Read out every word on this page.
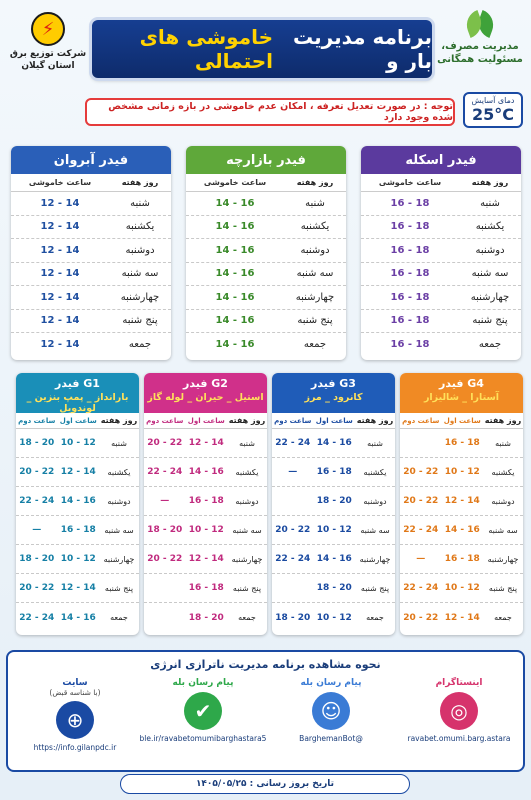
مدیریت مصرف،
مسئولیت همگانی
برنامه مدیریت بار و
خاموشی های احتمالی
⚡
شرکت توزیع برق
استان گیلان
دمای آسایش
25°C
توجه : در صورت تعدیل تعرفه ، امکان عدم خاموشی در بازه زمانی مشخص شده وجود دارد
فیدر اسکله
روز هفته
ساعت خاموشی
شنبه
16 - 18
یکشنبه
16 - 18
دوشنبه
16 - 18
سه شنبه
16 - 18
چهارشنبه
16 - 18
پنج شنبه
16 - 18
جمعه
16 - 18
فیدر بازارچه
روز هفته
ساعت خاموشی
شنبه
14 - 16
یکشنبه
14 - 16
دوشنبه
14 - 16
سه شنبه
14 - 16
چهارشنبه
14 - 16
پنج شنبه
14 - 16
جمعه
14 - 16
فیدر آبروان
روز هفته
ساعت خاموشی
شنبه
12 - 14
یکشنبه
12 - 14
دوشنبه
12 - 14
سه شنبه
12 - 14
چهارشنبه
12 - 14
پنج شنبه
12 - 14
جمعه
12 - 14
G4 فیدر
آستارا _ شالیزار
روز هفته
ساعت اول
ساعت دوم
شنبه
16 - 18
یکشنبه
10 - 12
20 - 22
دوشنبه
12 - 14
20 - 22
سه شنبه
14 - 16
22 - 24
چهارشنبه
16 - 18
—
پنج شنبه
10 - 12
22 - 24
جمعه
12 - 14
20 - 22
G3 فیدر
کانرود _ مرز
روز هفته
ساعت اول
ساعت دوم
شنبه
14 - 16
22 - 24
یکشنبه
16 - 18
—
دوشنبه
18 - 20
سه شنبه
10 - 12
20 - 22
چهارشنبه
14 - 16
22 - 24
پنج شنبه
18 - 20
جمعه
10 - 12
18 - 20
G2 فیدر
استیل _ حیران _ لوله گاز
روز هفته
ساعت اول
ساعت دوم
شنبه
12 - 14
20 - 22
یکشنبه
14 - 16
22 - 24
دوشنبه
16 - 18
—
سه شنبه
10 - 12
18 - 20
چهارشنبه
12 - 14
20 - 22
پنج شنبه
16 - 18
جمعه
18 - 20
G1 فیدر
بارانداز _ پمپ بنزین _ لوندویل
روز هفته
ساعت اول
ساعت دوم
شنبه
10 - 12
18 - 20
یکشنبه
12 - 14
20 - 22
دوشنبه
14 - 16
22 - 24
سه شنبه
16 - 18
—
چهارشنبه
10 - 12
18 - 20
پنج شنبه
12 - 14
20 - 22
جمعه
14 - 16
22 - 24
نحوه مشاهده برنامه مدیریت ناترازی انرژی
اینستاگرام
◎
ravabet.omumi.barg.astara
پیام رسان بله
☺
BarghemanBot@
پیام رسان بله
✔
ble.ir/ravabetomumibarghastara5
سایت
(با شناسه قبض)
⊕
https://info.gilanpdc.ir
تاریخ بروز رسانی : ۱۴۰۵/۰۵/۲۵
